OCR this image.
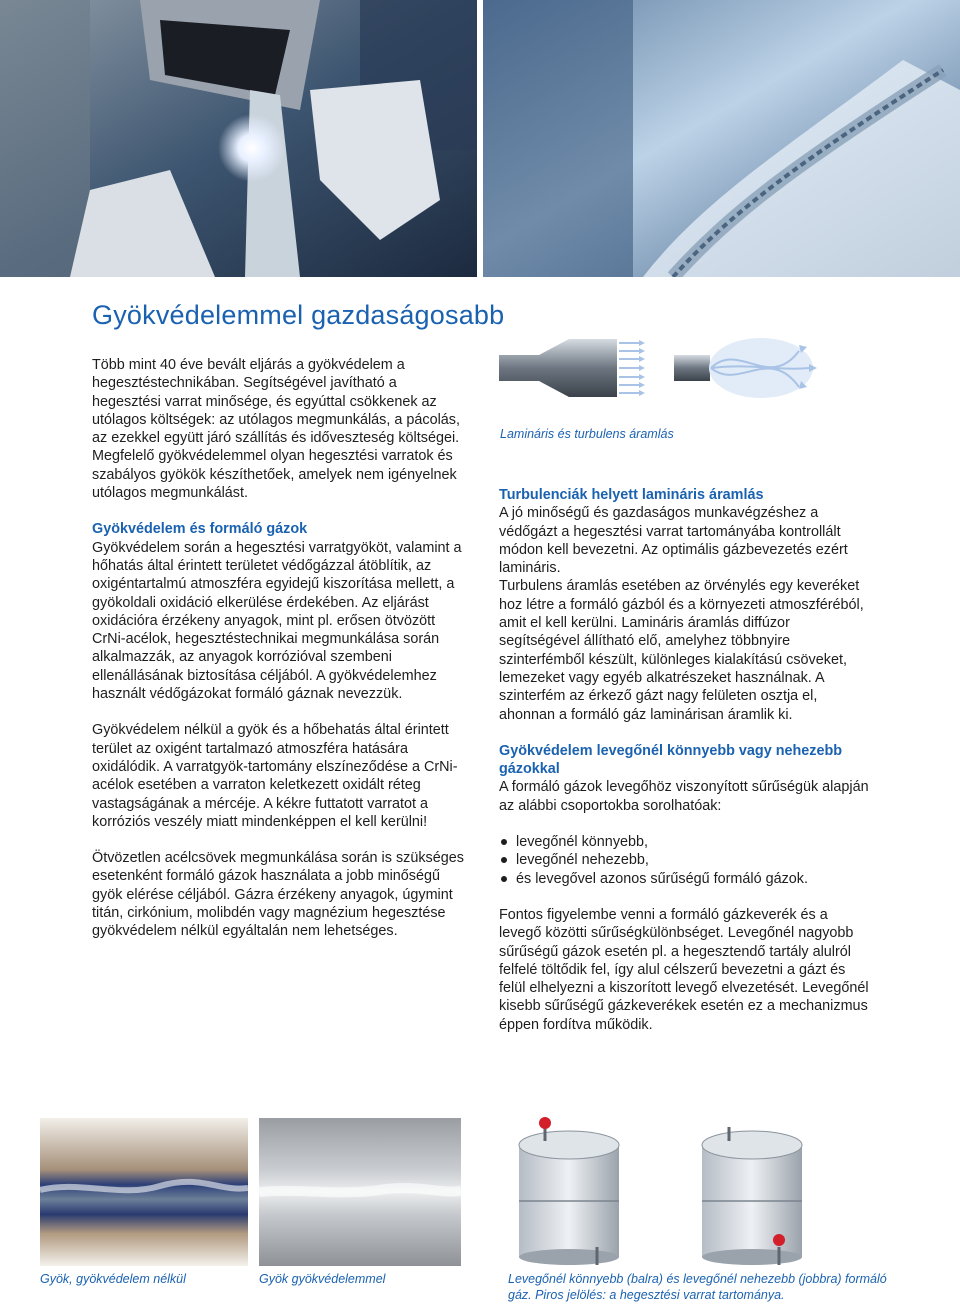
Gyökvédelemmel gazdaságosabb

Több mint 40 éve bevált eljárás a gyökvédelem a hegesztéstechnikában. Segítségével javítható a hegesztési varrat minősége, és egyúttal csökkenek az utólagos költségek: az utólagos megmunkálás, a pácolás, az ezekkel együtt járó szállítás és időveszteség költségei. Megfelelő gyökvédelemmel olyan hegesztési varratok és szabályos gyökök készíthetőek, amelyek nem igényelnek utólagos megmunkálást.

Gyökvédelem és formáló gázok

Gyökvédelem során a hegesztési varratgyököt, valamint a hőhatás által érintett területet védőgázzal átöblítik, az oxigéntartalmú atmoszféra egyidejű kiszorítása mellett, a gyökoldali oxidáció elkerülése érdekében. Az eljárást oxidációra érzékeny anyagok, mint pl. erősen ötvözött CrNi-acélok, hegesztéstechnikai megmunkálása során alkalmazzák, az anyagok korrózióval szembeni ellenállásának biztosítása céljából. A gyökvédelemhez használt védőgázokat formáló gáznak nevezzük.

Gyökvédelem nélkül a gyök és a hőbehatás által érintett terület az oxigént tartalmazó atmoszféra hatására oxidálódik. A varratgyök-tartomány elszíneződése a CrNi-acélok esetében a varraton keletkezett oxidált réteg vastagságának a mércéje. A kékre futtatott varratot a korróziós veszély miatt mindenképpen el kell kerülni!

Ötvözetlen acélcsövek megmunkálása során is szükséges esetenként formáló gázok használata a jobb minőségű gyök elérése céljából. Gázra érzékeny anyagok, úgymint titán, cirkónium, molibdén vagy magnézium hegesztése gyökvédelem nélkül egyáltalán nem lehetséges.

Lamináris és turbulens áramlás
Turbulenciák helyett lamináris áramlás

A jó minőségű és gazdaságos munkavégzéshez a védőgázt a hegesztési varrat tartományába kontrollált módon kell bevezetni. Az optimális gázbevezetés ezért lamináris.

Turbulens áramlás esetében az örvénylés egy keveréket hoz létre a formáló gázból és a környezeti atmoszféréból, amit el kell kerülni. Lamináris áramlás diffúzor segítségével állítható elő, amelyhez többnyire szinterfémből készült, különleges kialakítású csöveket, lemezeket vagy egyéb alkatrészeket használnak. A szinterfém az érkező gázt nagy felületen osztja el, ahonnan a formáló gáz laminárisan áramlik ki.

Gyökvédelem levegőnél könnyebb vagy nehezebb gázokkal

A formáló gázok levegőhöz viszonyított sűrűségük alapján az alábbi csoportokba sorolhatóak:

levegőnél könnyebb,
levegőnél nehezebb,
és levegővel azonos sűrűségű formáló gázok.

Fontos figyelembe venni a formáló gázkeverék és a levegő közötti sűrűségkülönbséget. Levegőnél nagyobb sűrűségű gázok esetén pl. a hegesztendő tartály alulról felfelé töltődik fel, így alul célszerű bevezetni a gázt és felül elhelyezni a kiszorított levegő elvezetését. Levegőnél kisebb sűrűségű gázkeverékek esetén ez a mechanizmus éppen fordítva működik.

Gyök, gyökvédelem nélkül	Gyök gyökvédelemmel	Levegőnél könnyebb (balra) és levegőnél nehezebb (jobbra) formáló gáz. Piros jelölés: a hegesztési varrat tartománya.
